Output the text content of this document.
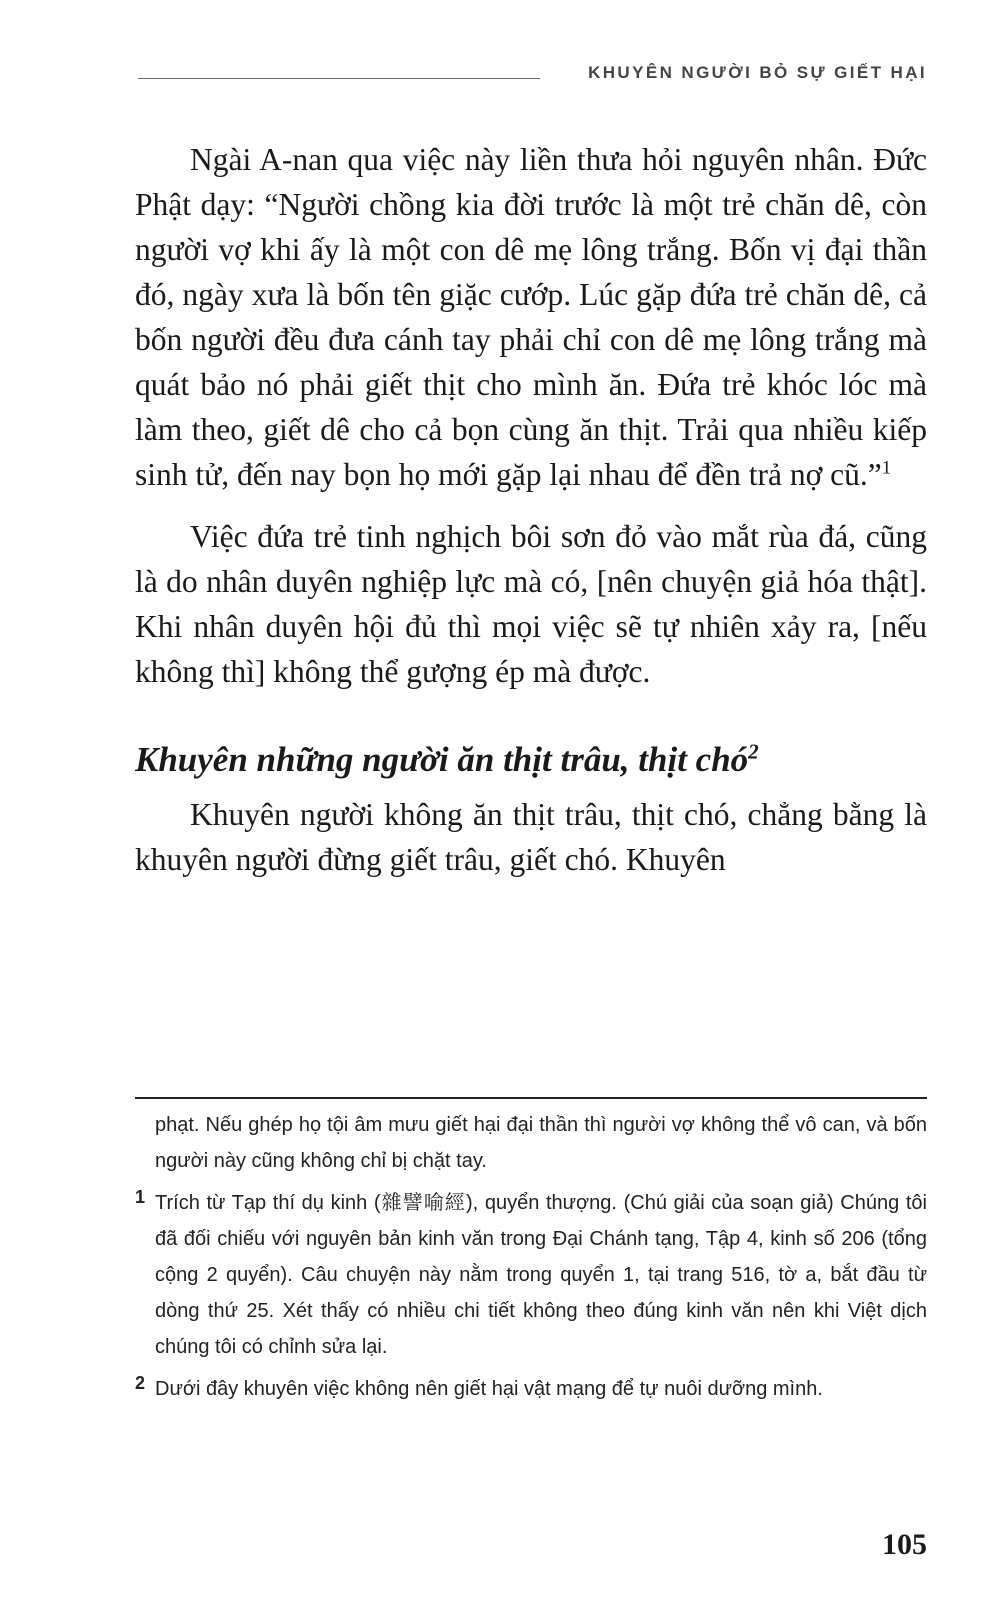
KHUYÊN NGƯỜI BỎ SỰ GIẾT HẠI

Ngài A-nan qua việc này liền thưa hỏi nguyên nhân. Đức Phật dạy: “Người chồng kia đời trước là một trẻ chăn dê, còn người vợ khi ấy là một con dê mẹ lông trắng. Bốn vị đại thần đó, ngày xưa là bốn tên giặc cướp. Lúc gặp đứa trẻ chăn dê, cả bốn người đều đưa cánh tay phải chỉ con dê mẹ lông trắng mà quát bảo nó phải giết thịt cho mình ăn. Đứa trẻ khóc lóc mà làm theo, giết dê cho cả bọn cùng ăn thịt. Trải qua nhiều kiếp sinh tử, đến nay bọn họ mới gặp lại nhau để đền trả nợ cũ.”$^1$

Việc đứa trẻ tinh nghịch bôi sơn đỏ vào mắt rùa đá, cũng là do nhân duyên nghiệp lực mà có, [nên chuyện giả hóa thật]. Khi nhân duyên hội đủ thì mọi việc sẽ tự nhiên xảy ra, [nếu không thì] không thể gượng ép mà được.

Khuyên những người ăn thịt trâu, thịt chó$^2$

Khuyên người không ăn thịt trâu, thịt chó, chẳng bằng là khuyên người đừng giết trâu, giết chó. Khuyên

phạt. Nếu ghép họ tội âm mưu giết hại đại thần thì người vợ không thể vô can, và bốn người này cũng không chỉ bị chặt tay.
1 Trích từ Tạp thí dụ kinh (雜譬喻經), quyển thượng. (Chú giải của soạn giả) Chúng tôi đã đối chiếu với nguyên bản kinh văn trong Đại Chánh tạng, Tập 4, kinh số 206 (tổng cộng 2 quyển). Câu chuyện này nằm trong quyển 1, tại trang 516, tờ a, bắt đầu từ dòng thứ 25. Xét thấy có nhiều chi tiết không theo đúng kinh văn nên khi Việt dịch chúng tôi có chỉnh sửa lại.
2 Dưới đây khuyên việc không nên giết hại vật mạng để tự nuôi dưỡng mình.
105
